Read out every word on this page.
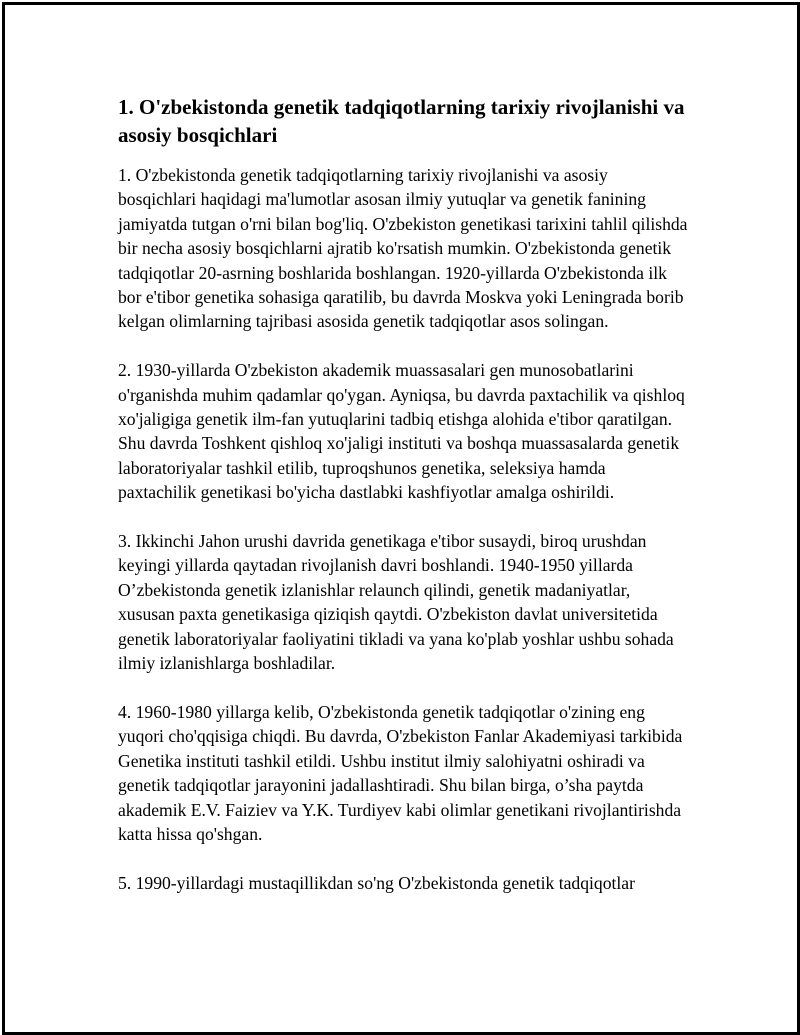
1. O'zbekistonda genetik tadqiqotlarning tarixiy rivojlanishi va asosiy bosqichlari

1. O'zbekistonda genetik tadqiqotlarning tarixiy rivojlanishi va asosiy bosqichlari haqidagi ma'lumotlar asosan ilmiy yutuqlar va genetik fanining jamiyatda tutgan o'rni bilan bog'liq. O'zbekiston genetikasi tarixini tahlil qilishda bir necha asosiy bosqichlarni ajratib ko'rsatish mumkin. O'zbekistonda genetik tadqiqotlar 20-asrning boshlarida boshlangan. 1920-yillarda O'zbekistonda ilk bor e'tibor genetika sohasiga qaratilib, bu davrda Moskva yoki Leningrada borib kelgan olimlarning tajribasi asosida genetik tadqiqotlar asos solingan.

2. 1930-yillarda O'zbekiston akademik muassasalari gen munosobatlarini o'rganishda muhim qadamlar qo'ygan. Ayniqsa, bu davrda paxtachilik va qishloq xo'jaligiga genetik ilm-fan yutuqlarini tadbiq etishga alohida e'tibor qaratilgan. Shu davrda Toshkent qishloq xo'jaligi instituti va boshqa muassasalarda genetik laboratoriyalar tashkil etilib, tuproqshunos genetika, seleksiya hamda paxtachilik genetikasi bo'yicha dastlabki kashfiyotlar amalga oshirildi.

3. Ikkinchi Jahon urushi davrida genetikaga e'tibor susaydi, biroq urushdan keyingi yillarda qaytadan rivojlanish davri boshlandi. 1940-1950 yillarda O’zbekistonda genetik izlanishlar relaunch qilindi, genetik madaniyatlar, xususan paxta genetikasiga qiziqish qaytdi. O'zbekiston davlat universitetida genetik laboratoriyalar faoliyatini tikladi va yana ko'plab yoshlar ushbu sohada ilmiy izlanishlarga boshladilar.

4. 1960-1980 yillarga kelib, O'zbekistonda genetik tadqiqotlar o'zining eng yuqori cho'qqisiga chiqdi. Bu davrda, O'zbekiston Fanlar Akademiyasi tarkibida Genetika instituti tashkil etildi. Ushbu institut ilmiy salohiyatni oshiradi va genetik tadqiqotlar jarayonini jadallashtiradi. Shu bilan birga, o’sha paytda akademik E.V. Faiziev va Y.K. Turdiyev kabi olimlar genetikani rivojlantirishda katta hissa qo'shgan.

5. 1990-yillardagi mustaqillikdan so'ng O'zbekistonda genetik tadqiqotlar
